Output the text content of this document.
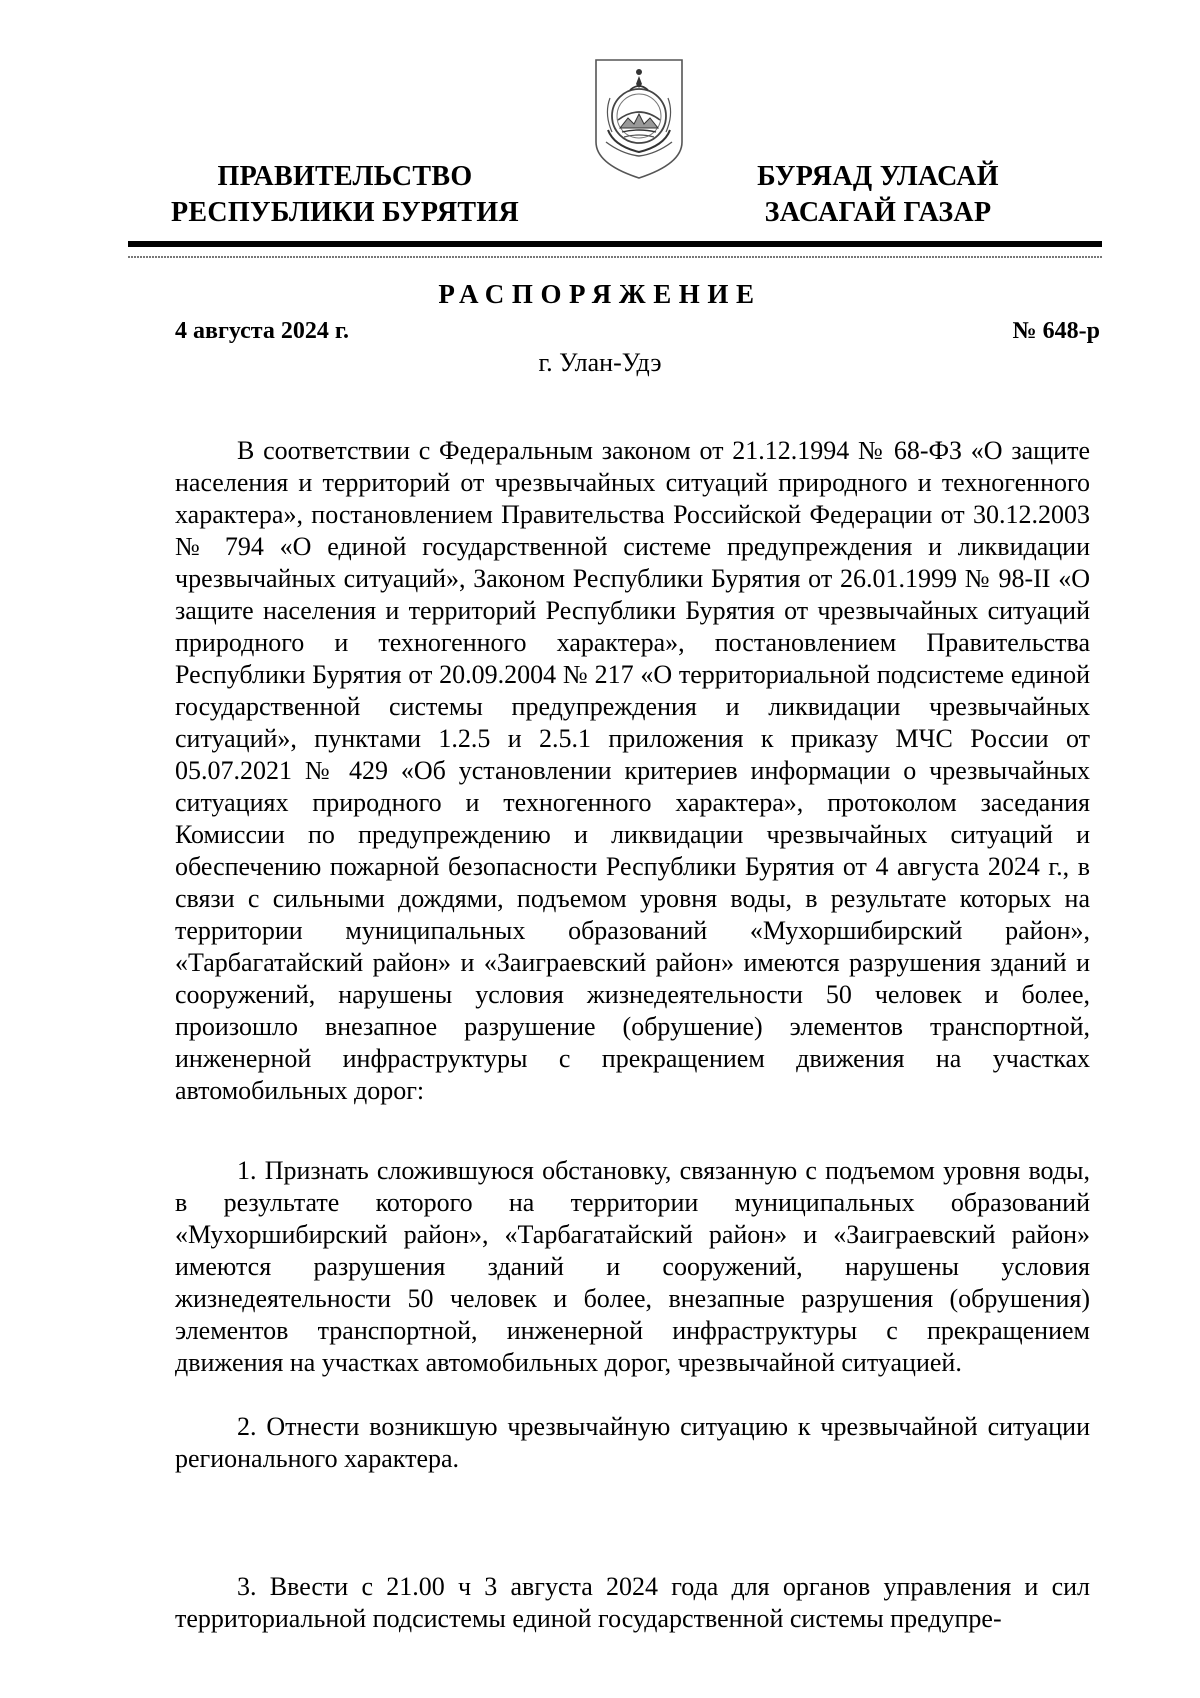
ПРАВИТЕЛЬСТВО
РЕСПУБЛИКИ БУРЯТИЯ
БУРЯАД УЛАСАЙ
ЗАСАГАЙ ГАЗАР
РАСПОРЯЖЕНИЕ
4 августа 2024 г.	№ 648-р
г. Улан-Удэ

В соответствии с Федеральным законом от 21.12.1994 № 68-ФЗ «О защите населения и территорий от чрезвычайных ситуаций природного и техногенного характера», постановлением Правительства Российской Федерации от 30.12.2003 № 794 «О единой государственной системе предупреждения и ликвидации чрезвычайных ситуаций», Законом Республики Бурятия от 26.01.1999 № 98-II «О защите населения и территорий Республики Бурятия от чрезвычайных ситуаций природного и техногенного характера», постановлением Правительства Республики Бурятия от 20.09.2004 № 217 «О территориальной подсистеме единой государственной системы предупреждения и ликвидации чрезвычайных ситуаций», пунктами 1.2.5 и 2.5.1 приложения к приказу МЧС России от 05.07.2021 № 429 «Об установлении критериев информации о чрезвычайных ситуациях природного и техногенного характера», протоколом заседания Комиссии по предупреждению и ликвидации чрезвычайных ситуаций и обеспечению пожарной безопасности Республики Бурятия от 4 августа 2024 г., в связи с сильными дождями, подъемом уровня воды, в результате которых на территории муниципальных образований «Мухоршибирский район», «Тарбагатайский район» и «Заиграевский район» имеются разрушения зданий и сооружений, нарушены условия жизнедеятельности 50 человек и более, произошло внезапное разрушение (обрушение) элементов транспортной, инженерной инфраструктуры с прекращением движения на участках автомобильных дорог:

1. Признать сложившуюся обстановку, связанную с подъемом уровня воды, в результате которого на территории муниципальных образований «Мухоршибирский район», «Тарбагатайский район» и «Заиграевский район» имеются разрушения зданий и сооружений, нарушены условия жизнедеятельности 50 человек и более, внезапные разрушения (обрушения) элементов транспортной, инженерной инфраструктуры с прекращением движения на участках автомобильных дорог, чрезвычайной ситуацией.

2. Отнести возникшую чрезвычайную ситуацию к чрезвычайной ситуации регионального характера.

3. Ввести с 21.00 ч 3 августа 2024 года для органов управления и сил территориальной подсистемы единой государственной системы предупре-
